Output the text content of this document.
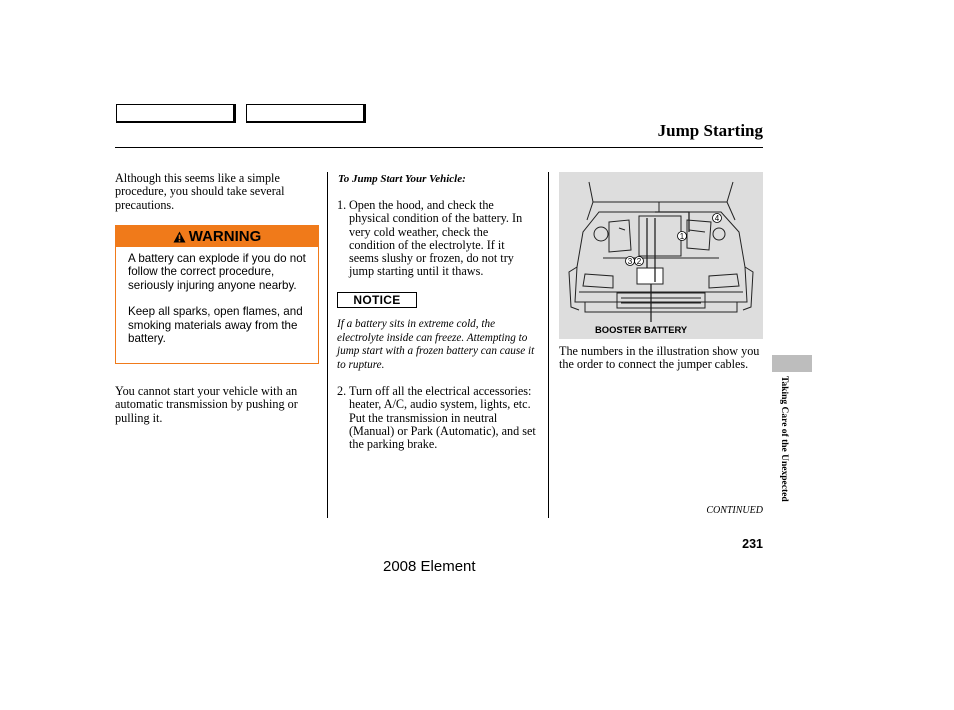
Jump Starting
Although this seems like a simple procedure, you should take several precautions.
WARNING

A battery can explode if you do not follow the correct procedure, seriously injuring anyone nearby.

Keep all sparks, open flames, and smoking materials away from the battery.

You cannot start your vehicle with an automatic transmission by pushing or pulling it.
To Jump Start Your Vehicle:
1. Open the hood, and check the physical condition of the battery. In very cold weather, check the condition of the electrolyte. If it seems slushy or frozen, do not try jump starting until it thaws.
NOTICE
If a battery sits in extreme cold, the electrolyte inside can freeze. Attempting to jump start with a frozen battery can cause it to rupture.
2. Turn off all the electrical accessories: heater, A/C, audio system, lights, etc. Put the transmission in neutral (Manual) or Park (Automatic), and set the parking brake.
1
2
3
4
BOOSTER BATTERY
The numbers in the illustration show you the order to connect the jumper cables.
Taking Care of the Unexpected
CONTINUED
231
2008 Element
